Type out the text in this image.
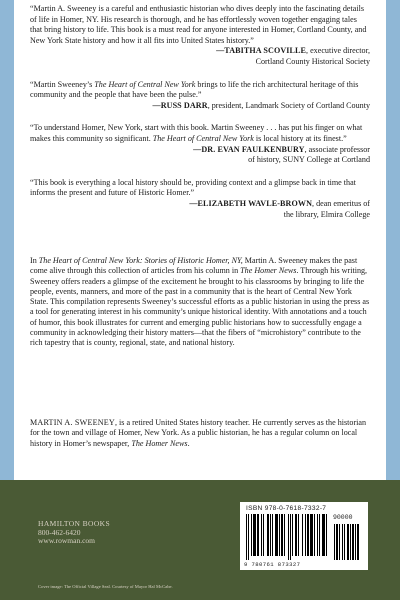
“Martin A. Sweeney is a careful and enthusiastic historian who dives deeply into the fascinating details of life in Homer, NY. His research is thorough, and he has effortlessly woven together engaging tales that bring history to life. This book is a must read for anyone interested in Homer, Cortland County, and New York State history and how it all fits into United States history.”
—TABITHA SCOVILLE, executive director,
Cortland County Historical Society

“Martin Sweeney’s The Heart of Central New York brings to life the rich architectural heritage of this community and the people that have been the pulse.”
—RUSS DARR, president, Landmark Society of Cortland County

“To understand Homer, New York, start with this book. Martin Sweeney . . . has put his finger on what makes this community so significant. The Heart of Central New York is local history at its finest.”
—DR. EVAN FAULKENBURY, associate professor
of history, SUNY College at Cortland

“This book is everything a local history should be, providing context and a glimpse back in time that informs the present and future of Historic Homer.”
—ELIZABETH WAVLE-BROWN, dean emeritus of
the library, Elmira College

In The Heart of Central New York: Stories of Historic Homer, NY, Martin A. Sweeney makes the past come alive through this collection of articles from his column in The Homer News. Through his writing, Sweeney offers readers a glimpse of the excitement he brought to his classrooms by bringing to life the people, events, manners, and more of the past in a community that is the heart of Central New York State. This compilation represents Sweeney’s successful efforts as a public historian in using the press as a tool for generating interest in his community’s unique historical identity. With annotations and a touch of humor, this book illustrates for current and emerging public historians how to successfully engage a community in acknowledging their history matters—that the fibers of “microhistory” contribute to the rich tapestry that is county, regional, state, and national history.

MARTIN A. SWEENEY, is a retired United States history teacher. He currently serves as the historian for the town and village of Homer, New York. As a public historian, he has a regular column on local history in Homer’s newspaper, The Homer News.

HAMILTON BOOKS
800-462-6420
www.rowman.com
Cover image: The Official Village Seal. Courtesy of Mayor Hal McCabe.
ISBN 978-0-7618-7332-7
90000
9 780761 873327
